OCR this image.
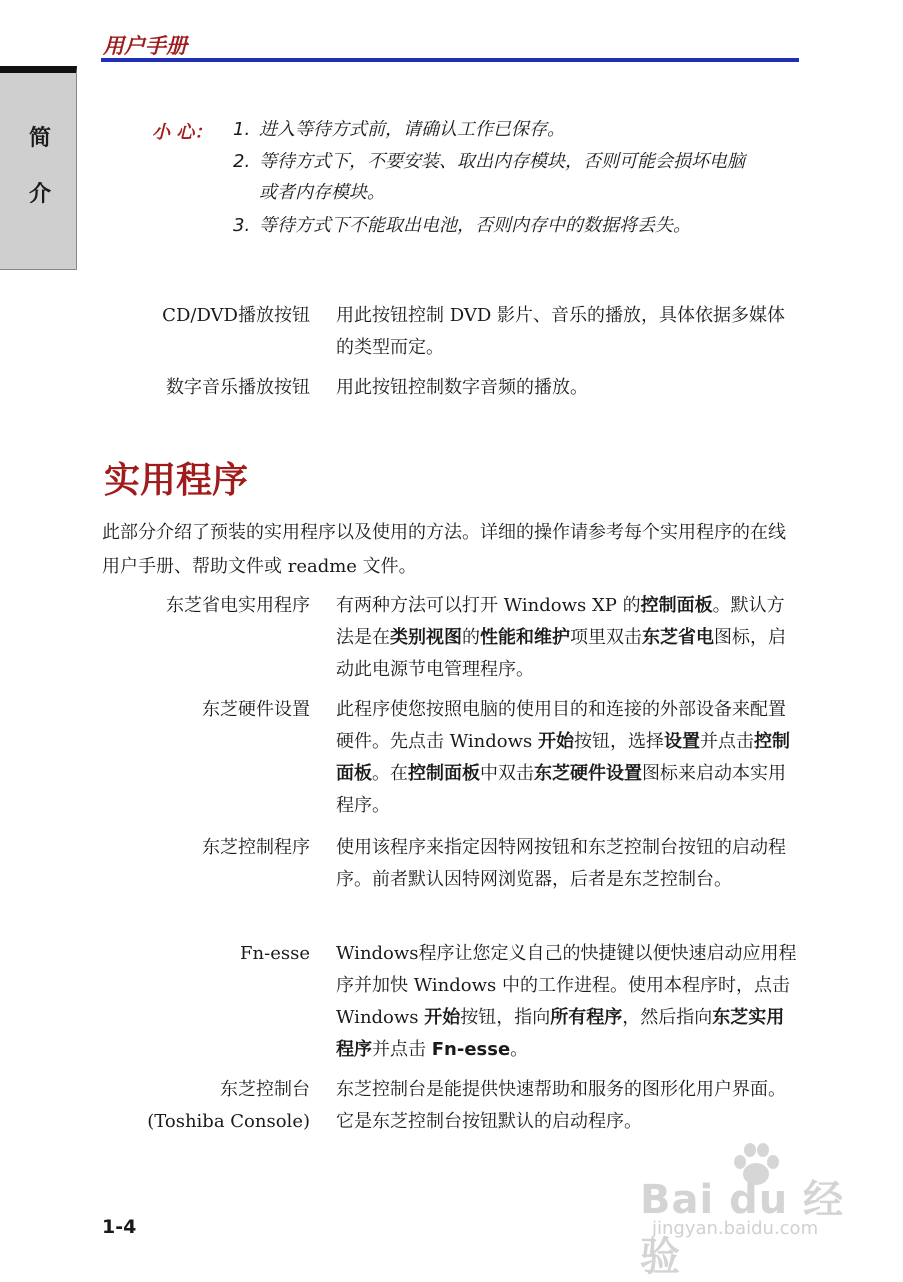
用户手册
简
介
小 心： 1. 进入等待方式前，请确认工作已保存。
2. 等待方式下，不要安装、取出内存模块，否则可能会损坏电脑或者内存模块。
3. 等待方式下不能取出电池，否则内存中的数据将丢失。
CD/DVD播放按钮 用此按钮控制 DVD 影片、音乐的播放，具体依据多媒体的类型而定。
数字音乐播放按钮 用此按钮控制数字音频的播放。
实用程序
此部分介绍了预装的实用程序以及使用的方法。详细的操作请参考每个实用程序的在线用户手册、帮助文件或 readme 文件。
东芝省电实用程序 有两种方法可以打开 Windows XP 的控制面板。默认方法是在类别视图的性能和维护项里双击东芝省电图标，启动此电源节电管理程序。
东芝硬件设置 此程序使您按照电脑的使用目的和连接的外部设备来配置硬件。先点击 Windows 开始按钮，选择设置并点击控制面板。在控制面板中双击东芝硬件设置图标来启动本实用程序。
东芝控制程序 使用该程序来指定因特网按钮和东芝控制台按钮的启动程序。前者默认因特网浏览器，后者是东芝控制台。
Fn-esse Windows程序让您定义自己的快捷键以便快速启动应用程序并加快 Windows 中的工作进程。使用本程序时，点击 Windows 开始按钮，指向所有程序，然后指向东芝实用程序并点击 Fn-esse。
东芝控制台
(Toshiba Console)
东芝控制台是能提供快速帮助和服务的图形化用户界面。它是东芝控制台按钮默认的启动程序。
1-4
Bai du 经验
jingyan.baidu.com
